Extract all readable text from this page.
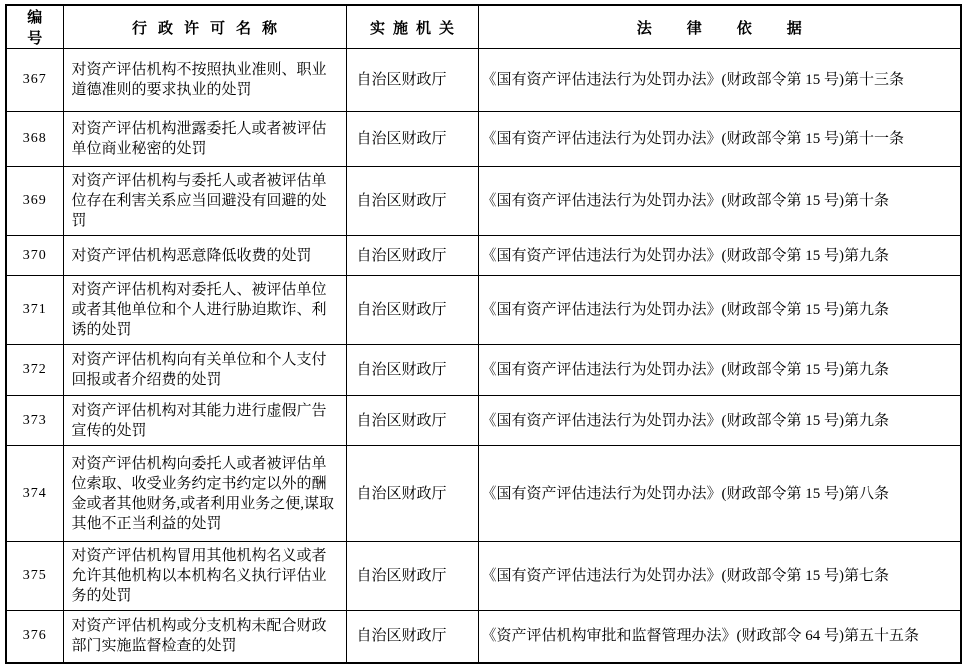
编号	行政许可名称	实施机关	法律依据
367	对资产评估机构不按照执业准则、职业道德准则的要求执业的处罚	自治区财政厅	《国有资产评估违法行为处罚办法》(财政部令第 15 号)第十三条
368	对资产评估机构泄露委托人或者被评估单位商业秘密的处罚	自治区财政厅	《国有资产评估违法行为处罚办法》(财政部令第 15 号)第十一条
369	对资产评估机构与委托人或者被评估单位存在利害关系应当回避没有回避的处罚	自治区财政厅	《国有资产评估违法行为处罚办法》(财政部令第 15 号)第十条
370	对资产评估机构恶意降低收费的处罚	自治区财政厅	《国有资产评估违法行为处罚办法》(财政部令第 15 号)第九条
371	对资产评估机构对委托人、被评估单位或者其他单位和个人进行胁迫欺诈、利诱的处罚	自治区财政厅	《国有资产评估违法行为处罚办法》(财政部令第 15 号)第九条
372	对资产评估机构向有关单位和个人支付回报或者介绍费的处罚	自治区财政厅	《国有资产评估违法行为处罚办法》(财政部令第 15 号)第九条
373	对资产评估机构对其能力进行虚假广告宣传的处罚	自治区财政厅	《国有资产评估违法行为处罚办法》(财政部令第 15 号)第九条
374	对资产评估机构向委托人或者被评估单位索取、收受业务约定书约定以外的酬金或者其他财务,或者利用业务之便,谋取其他不正当利益的处罚	自治区财政厅	《国有资产评估违法行为处罚办法》(财政部令第 15 号)第八条
375	对资产评估机构冒用其他机构名义或者允许其他机构以本机构名义执行评估业务的处罚	自治区财政厅	《国有资产评估违法行为处罚办法》(财政部令第 15 号)第七条
376	对资产评估机构或分支机构未配合财政部门实施监督检查的处罚	自治区财政厅	《资产评估机构审批和监督管理办法》(财政部令 64 号)第五十五条
